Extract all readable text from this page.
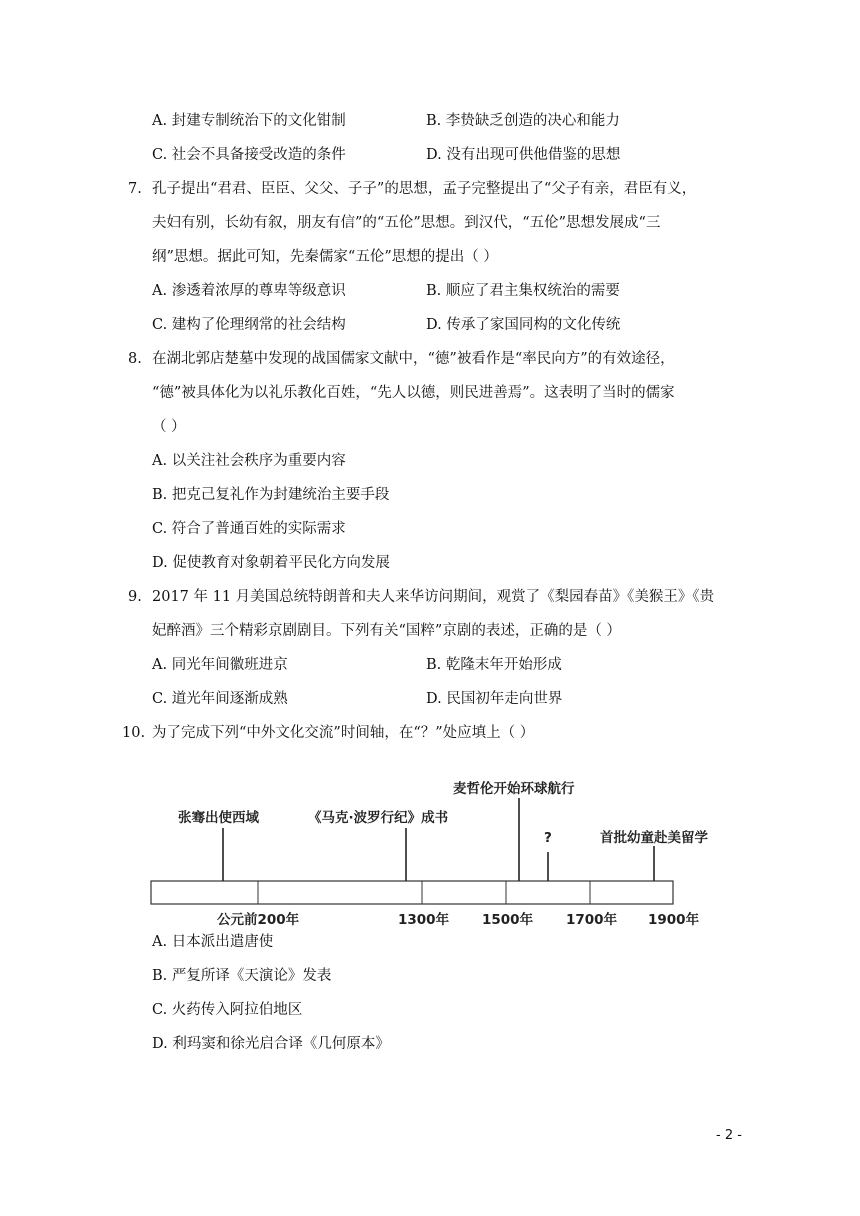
A. 封建专制统治下的文化钳制	B. 李贽缺乏创造的决心和能力
C. 社会不具备接受改造的条件	D. 没有出现可供他借鉴的思想
7. 孔子提出“君君、臣臣、父父、子子”的思想，孟子完整提出了“父子有亲，君臣有义，
夫妇有别，长幼有叙，朋友有信”的“五伦”思想。到汉代，“五伦”思想发展成“三
纲”思想。据此可知，先秦儒家“五伦”思想的提出（ ）
A. 渗透着浓厚的尊卑等级意识	B. 顺应了君主集权统治的需要
C. 建构了伦理纲常的社会结构	D. 传承了家国同构的文化传统
8. 在湖北郭店楚墓中发现的战国儒家文献中，“德”被看作是“率民向方”的有效途径，
“德”被具体化为以礼乐教化百姓，“先人以德，则民进善焉”。这表明了当时的儒家
（ ）
A. 以关注社会秩序为重要内容
B. 把克己复礼作为封建统治主要手段
C. 符合了普通百姓的实际需求
D. 促使教育对象朝着平民化方向发展
9. 2017 年 11 月美国总统特朗普和夫人来华访问期间，观赏了《梨园春苗》《美猴王》《贵
妃醉酒》三个精彩京剧剧目。下列有关“国粹”京剧的表述，正确的是（ ）
A. 同光年间徽班进京	B. 乾隆末年开始形成
C. 道光年间逐渐成熟	D. 民国初年走向世界
10. 为了完成下列“中外文化交流”时间轴，在“？”处应填上（ ）
张骞出使西域	《马克·波罗行纪》成书
麦哲伦开始环球航行
?	首批幼童赴美留学
公元前200年	1300年 1500年 1700年 1900年
A. 日本派出遣唐使
B. 严复所译《天演论》发表
C. 火药传入阿拉伯地区
D. 利玛窦和徐光启合译《几何原本》
- 2 -
